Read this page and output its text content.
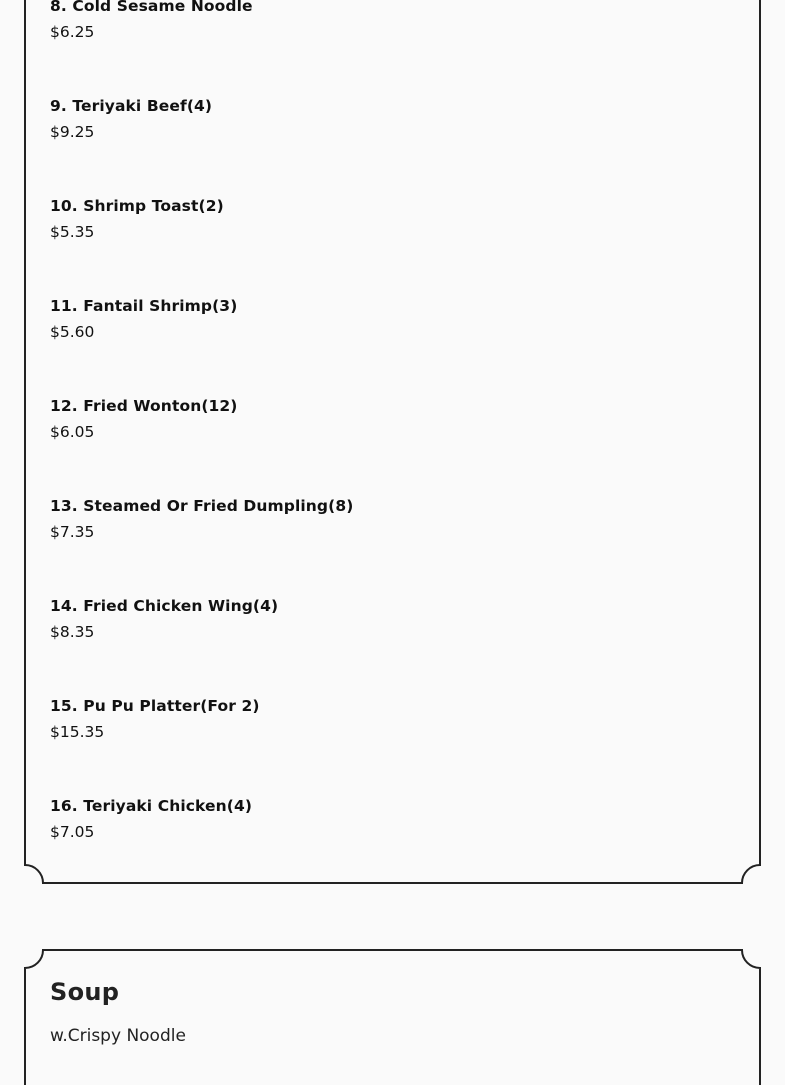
8. Cold Sesame Noodle
$6.25
9. Teriyaki Beef(4)
$9.25
10. Shrimp Toast(2)
$5.35
11. Fantail Shrimp(3)
$5.60
12. Fried Wonton(12)
$6.05
13. Steamed Or Fried Dumpling(8)
$7.35
14. Fried Chicken Wing(4)
$8.35
15. Pu Pu Platter(For 2)
$15.35
16. Teriyaki Chicken(4)
$7.05
Soup
w.Crispy Noodle
